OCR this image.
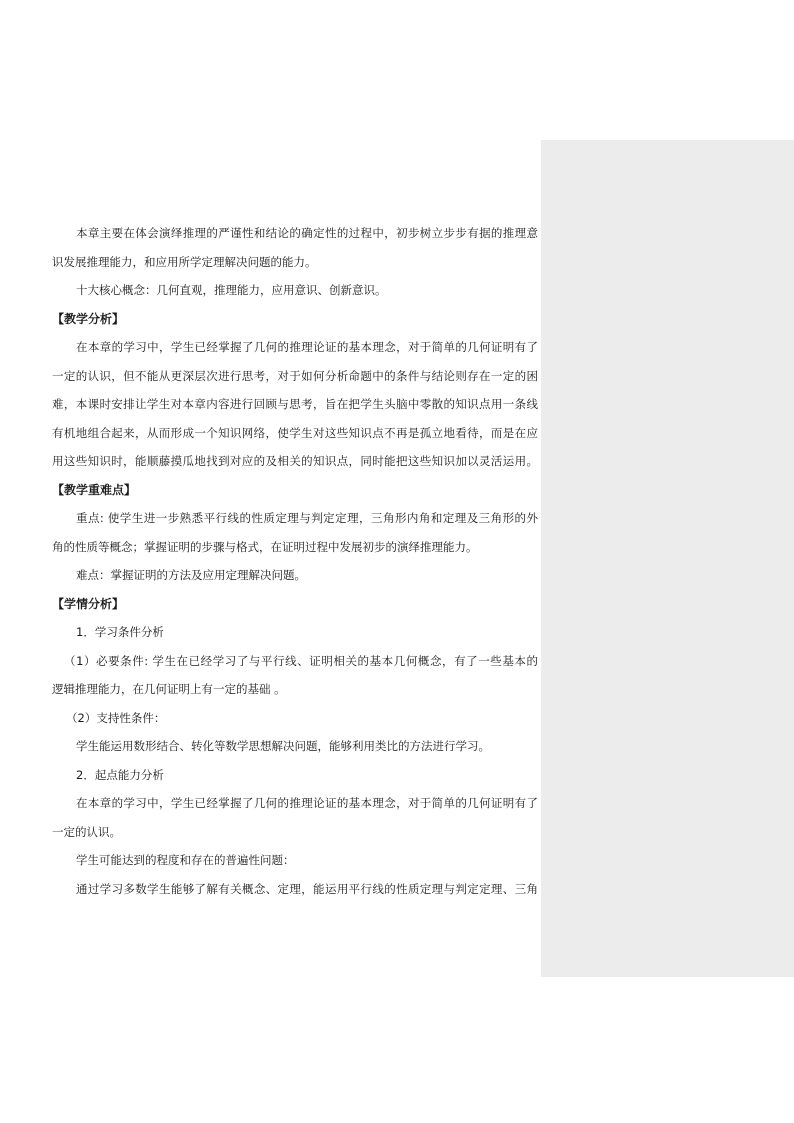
本章主要在体会演绎推理的严谨性和结论的确定性的过程中，初步树立步步有据的推理意
识发展推理能力，和应用所学定理解决问题的能力。
十大核心概念：几何直观，推理能力，应用意识、创新意识。
【教学分析】
在本章的学习中，学生已经掌握了几何的推理论证的基本理念，对于简单的几何证明有了
一定的认识，但不能从更深层次进行思考，对于如何分析命题中的条件与结论则存在一定的困
难，本课时安排让学生对本章内容进行回顾与思考，旨在把学生头脑中零散的知识点用一条线
有机地组合起来，从而形成一个知识网络，使学生对这些知识点不再是孤立地看待，而是在应
用这些知识时，能顺藤摸瓜地找到对应的及相关的知识点，同时能把这些知识加以灵活运用。
【教学重难点】
重点: 使学生进一步熟悉平行线的性质定理与判定定理，三角形内角和定理及三角形的外
角的性质等概念；掌握证明的步骤与格式，在证明过程中发展初步的演绎推理能力。
难点：掌握证明的方法及应用定理解决问题。
【学情分析】
1．学习条件分析
（1）必要条件: 学生在已经学习了与平行线、证明相关的基本几何概念，有了一些基本的
逻辑推理能力，在几何证明上有一定的基础 。
（2）支持性条件：
学生能运用数形结合、转化等数学思想解决问题，能够利用类比的方法进行学习。
2．起点能力分析
在本章的学习中，学生已经掌握了几何的推理论证的基本理念，对于简单的几何证明有了
一定的认识。
学生可能达到的程度和存在的普遍性问题：
通过学习多数学生能够了解有关概念、定理，能运用平行线的性质定理与判定定理、三角
